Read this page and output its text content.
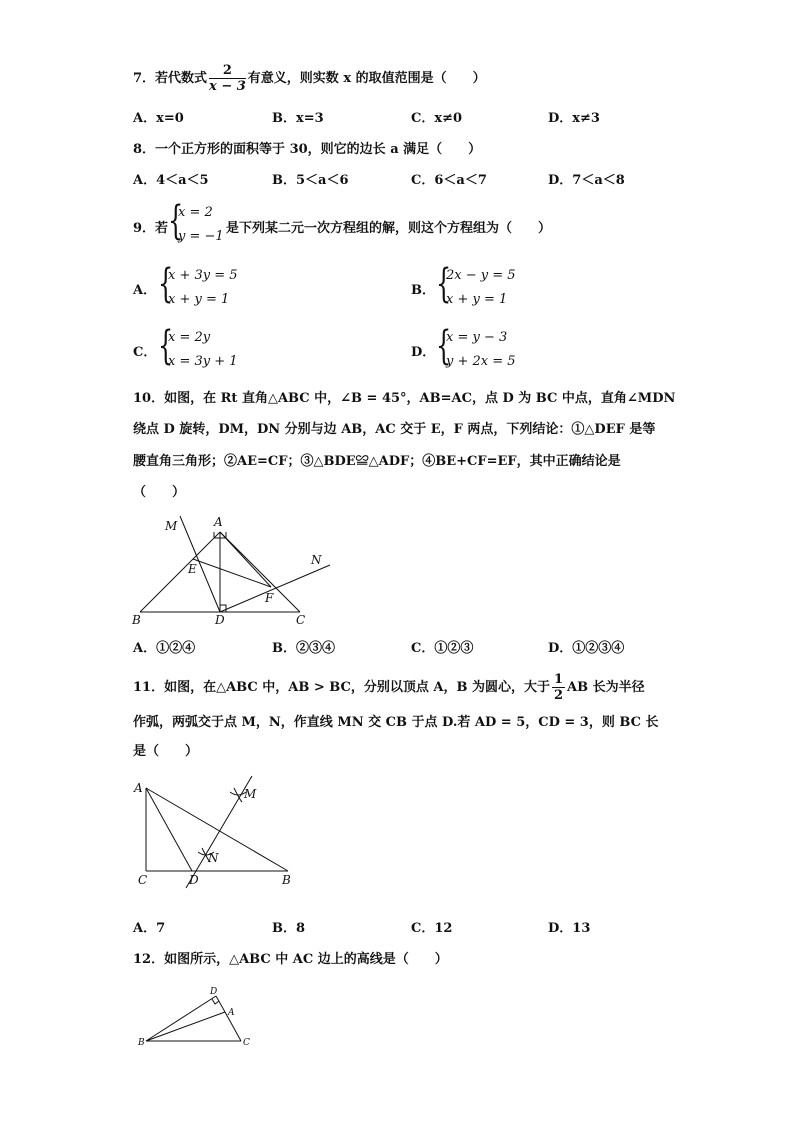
7．若代数式 $\frac{2}{x - 3}$ 有意义，则实数 x 的取值范围是（　　）
A．x=0	B．x=3	C．x≠0	D．x≠3
8．一个正方形的面积等于 30，则它的边长 a 满足（　　）
A．4＜a＜5	B．5＜a＜6	C．6＜a＜7	D．7＜a＜8
9．若 {
x = 2
y = −1
是下列某二元一次方程组的解，则这个方程组为（　　）
A． {
x + 3y = 5
x + y = 1
B． {
2x − y = 5
x + y = 1
C． {
x = 2y
x = 3y + 1
D． {
x = y − 3
y + 2x = 5
10．如图，在 Rt 直角△ABC 中，∠B = 45°，AB=AC，点 D 为 BC 中点，直角∠MDN
绕点 D 旋转，DM，DN 分别与边 AB，AC 交于 E，F 两点，下列结论：①△DEF 是等
腰直角三角形；②AE=CF；③△BDE≌△ADF；④BE+CF=EF，其中正确结论是
（　　）
M	A
N
E
F
B	D	C
A．①②④	B．②③④	C．①②③	D．①②③④
11．如图，在△ABC 中，AB > BC，分别以顶点 A，B 为圆心，大于 $\frac{1}{2}$ AB 长为半径
作弧，两弧交于点 M，N，作直线 MN 交 CB 于点 D.若 AD = 5，CD = 3，则 BC 长
是（　　）
A	M
N
C	D	B
A．7	B．8	C．12	D．13
12．如图所示，△ABC 中 AC 边上的高线是（　　）
D
A
B	C
